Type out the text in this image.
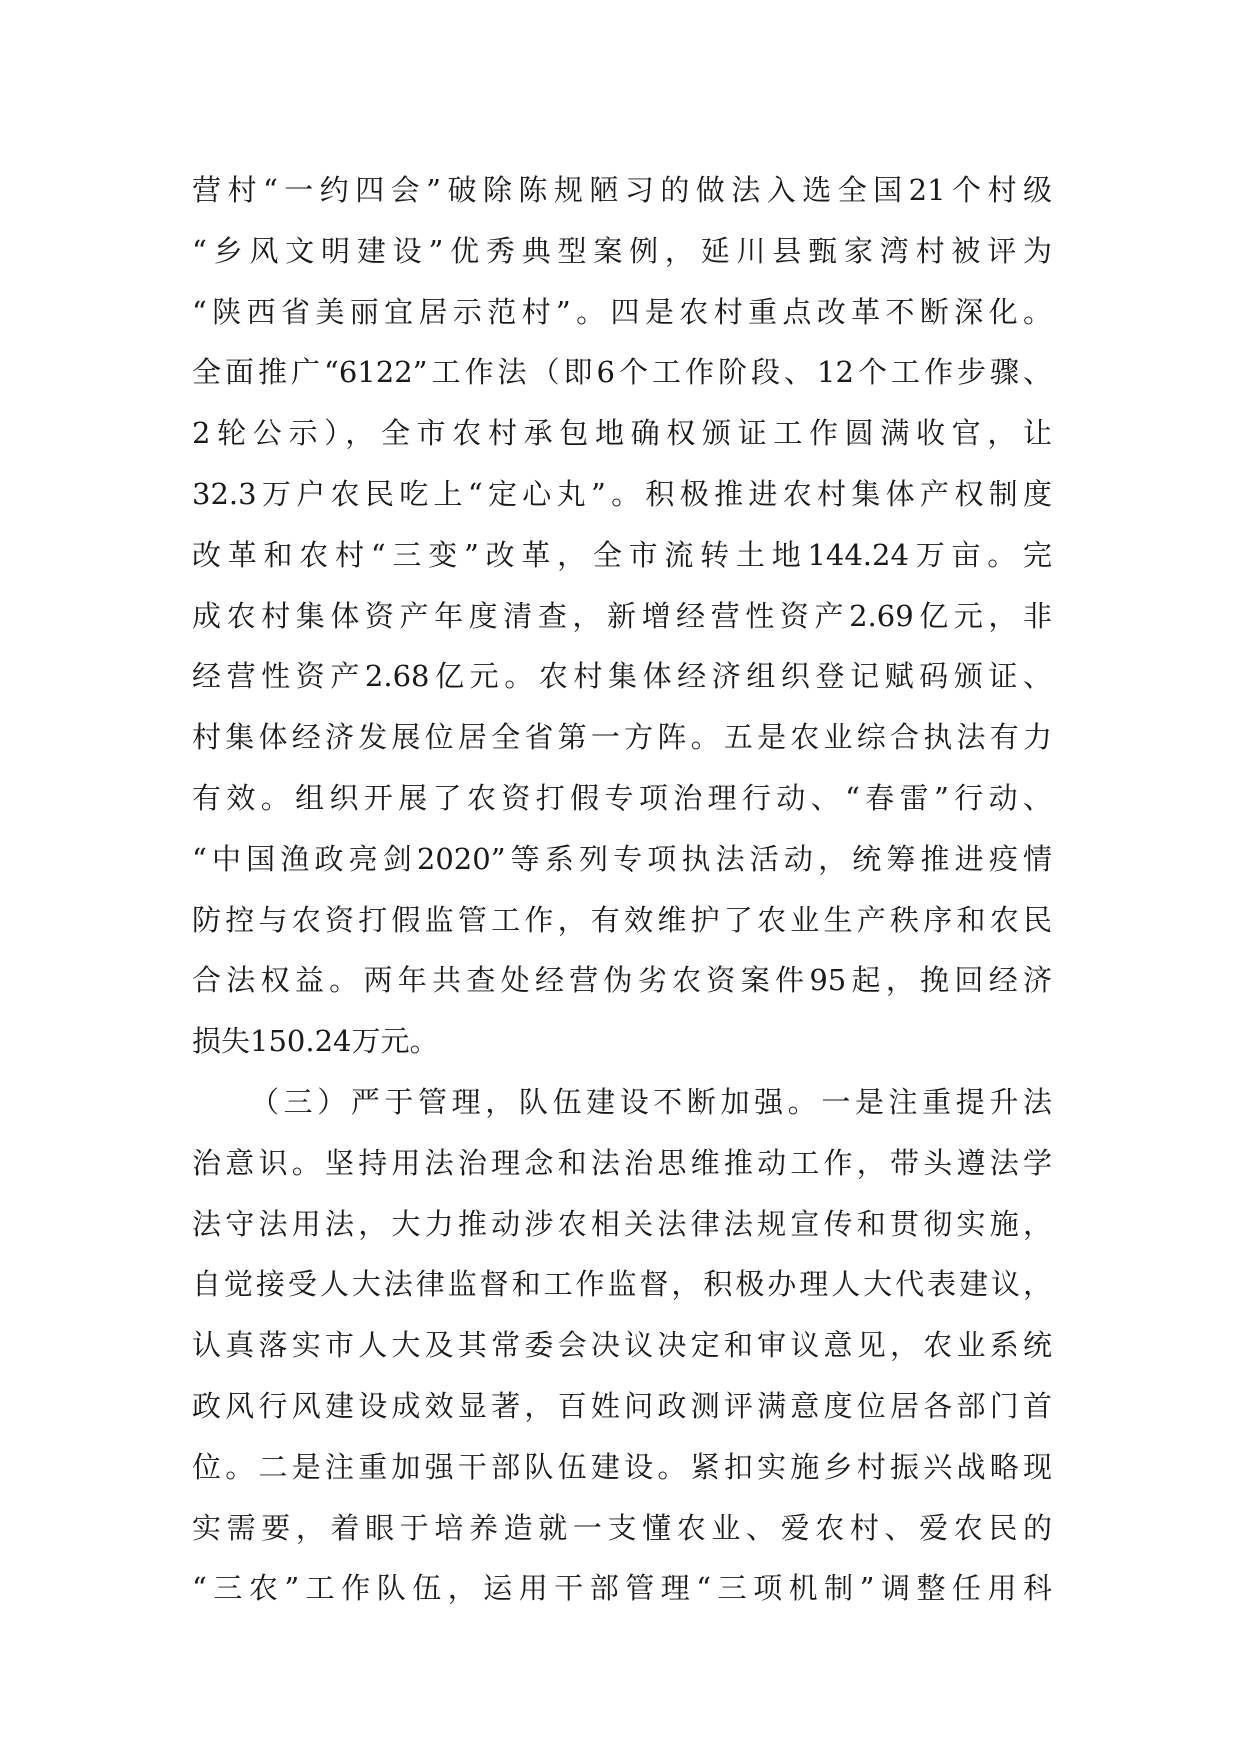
营村“一约四会”破除陈规陋习的做法入选全国21个村级
“乡风文明建设”优秀典型案例，延川县甄家湾村被评为
“陕西省美丽宜居示范村”。四是农村重点改革不断深化。
全面推广“6122”工作法（即6个工作阶段、12个工作步骤、
2轮公示），全市农村承包地确权颁证工作圆满收官，让
32.3万户农民吃上“定心丸”。积极推进农村集体产权制度
改革和农村“三变”改革，全市流转土地144.24万亩。完
成农村集体资产年度清查，新增经营性资产2.69亿元，非
经营性资产2.68亿元。农村集体经济组织登记赋码颁证、
村集体经济发展位居全省第一方阵。五是农业综合执法有力
有效。组织开展了农资打假专项治理行动、“春雷”行动、
“中国渔政亮剑2020”等系列专项执法活动，统筹推进疫情
防控与农资打假监管工作，有效维护了农业生产秩序和农民
合法权益。两年共查处经营伪劣农资案件95起，挽回经济
损失150.24万元。
（三）严于管理，队伍建设不断加强。一是注重提升法
治意识。坚持用法治理念和法治思维推动工作，带头遵法学
法守法用法，大力推动涉农相关法律法规宣传和贯彻实施，
自觉接受人大法律监督和工作监督，积极办理人大代表建议，
认真落实市人大及其常委会决议决定和审议意见，农业系统
政风行风建设成效显著，百姓问政测评满意度位居各部门首
位。二是注重加强干部队伍建设。紧扣实施乡村振兴战略现
实需要，着眼于培养造就一支懂农业、爱农村、爱农民的
“三农”工作队伍，运用干部管理“三项机制”调整任用科
